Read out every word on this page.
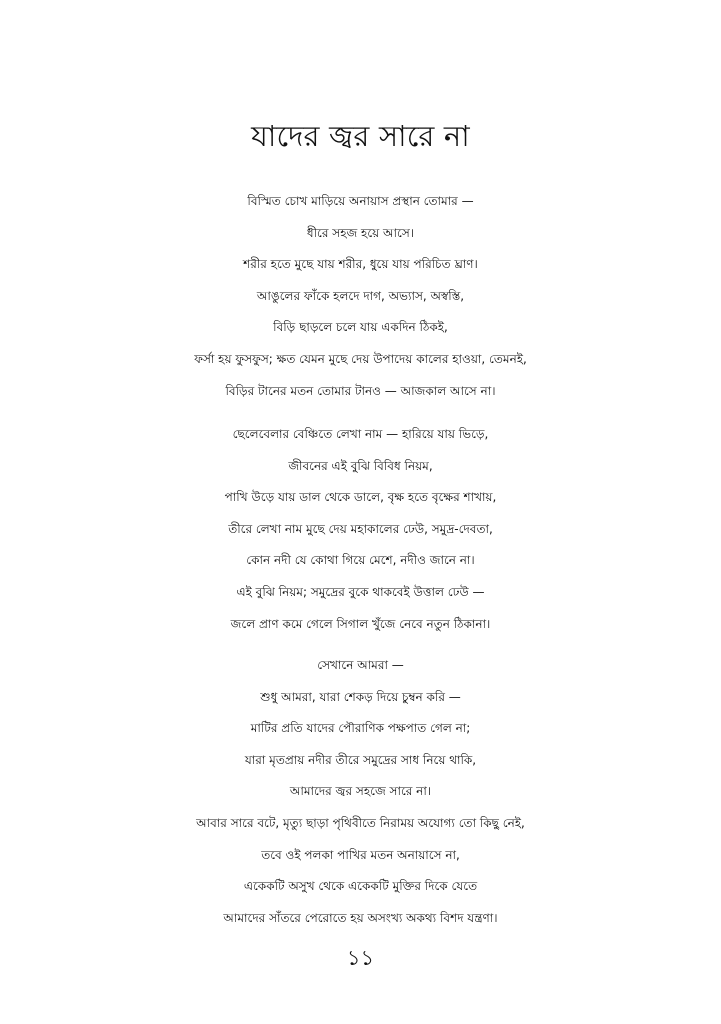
যাদের জ্বর সারে না
বিস্মিত চোখ মাড়িয়ে অনায়াস প্রস্থান তোমার —
ধীরে সহজ হয়ে আসে।
শরীর হতে মুছে যায় শরীর, ধুয়ে যায় পরিচিত ঘ্রাণ।
আঙুলের ফাঁকে হলদে দাগ, অভ্যাস, অস্বস্তি,
বিড়ি ছাড়লে চলে যায় একদিন ঠিকই,
ফর্সা হয় ফুসফুস; ক্ষত যেমন মুছে দেয় উপাদেয় কালের হাওয়া, তেমনই,
বিড়ির টানের মতন তোমার টানও — আজকাল আসে না।
ছেলেবেলার বেঞ্চিতে লেখা নাম — হারিয়ে যায় ভিড়ে,
জীবনের এই বুঝি বিবিধ নিয়ম,
পাখি উড়ে যায় ডাল থেকে ডালে, বৃক্ষ হতে বৃক্ষের শাখায়,
তীরে লেখা নাম মুছে দেয় মহাকালের ঢেউ, সমুদ্র-দেবতা,
কোন নদী যে কোথা গিয়ে মেশে, নদীও জানে না।
এই বুঝি নিয়ম; সমুদ্রের বুকে থাকবেই উত্তাল ঢেউ —
জলে প্রাণ কমে গেলে সিগাল খুঁজে নেবে নতুন ঠিকানা।
সেখানে আমরা —
শুধু আমরা, যারা শেকড় দিয়ে চুম্বন করি —
মাটির প্রতি যাদের পৌরাণিক পক্ষপাত গেল না;
যারা মৃতপ্রায় নদীর তীরে সমুদ্রের সাধ নিয়ে থাকি,
আমাদের জ্বর সহজে সারে না।
আবার সারে বটে, মৃত্যু ছাড়া পৃথিবীতে নিরাময় অযোগ্য তো কিছু নেই,
তবে ওই পলকা পাখির মতন অনায়াসে না,
একেকটি অসুখ থেকে একেকটি মুক্তির দিকে যেতে
আমাদের সাঁতরে পেরোতে হয় অসংখ্য অকথ্য বিশদ যন্ত্রণা।
১১
